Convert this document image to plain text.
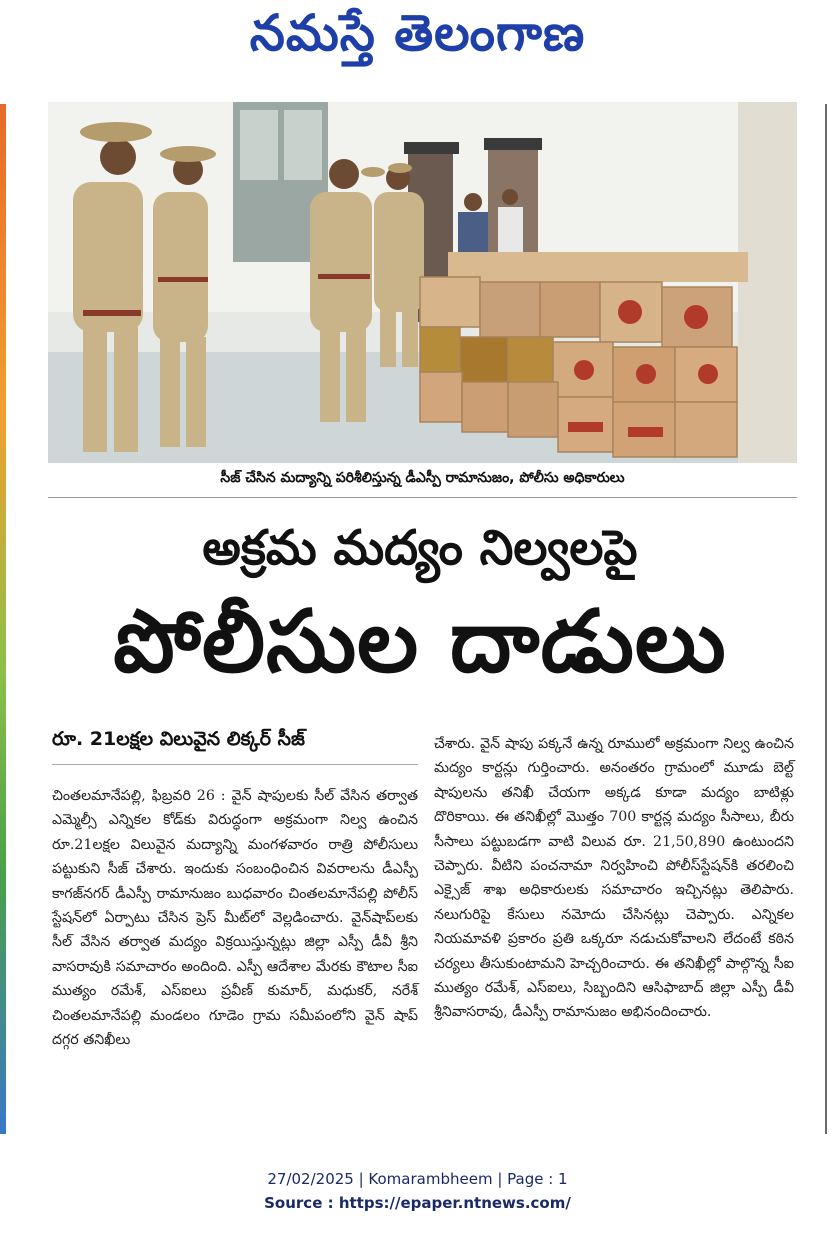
నమస్తే తెలంగాణ
సీజ్ చేసిన మద్యాన్ని పరిశీలిస్తున్న డీఎస్పీ రామానుజం, పోలీసు అధికారులు
అక్రమ మద్యం నిల్వలపై
పోలీసుల దాడులు
రూ. 21లక్షల విలువైన లిక్కర్ సీజ్
చింతలమానేపల్లి, ఫిబ్రవరి 26 : వైన్ షాపులకు సీల్ వేసిన తర్వాత ఎమ్మెల్సీ ఎన్నికల కోడ్‌కు విరుద్ధంగా అక్రమంగా నిల్వ ఉంచిన రూ.21లక్షల విలువైన మద్యాన్ని మంగళవారం రాత్రి పోలీసులు పట్టుకుని సీజ్ చేశారు. ఇందుకు సంబంధించిన వివరాలను డీఎస్పీ కాగజ్‌నగర్ డీఎస్పీ రామానుజం బుధవారం చింతలమానేపల్లి పోలీస్ స్టేషన్‌లో ఏర్పాటు చేసిన ప్రెస్ మీట్‌లో వెల్లడించారు. వైన్‌షాప్‌లకు సీల్ వేసిన తర్వాత మద్యం విక్రయిస్తున్నట్లు జిల్లా ఎస్పీ డీవీ శ్రీని వాసరావుకి సమాచారం అందింది. ఎస్పీ ఆదేశాల మేరకు కౌటాల సీఐ ముత్యం రమేశ్, ఎస్ఐలు ప్రవీణ్ కుమార్, మధుకర్, నరేశ్ చింతలమానేపల్లి మండలం గూడెం గ్రామ సమీపంలోని వైన్ షాప్ దగ్గర తనిఖీలు
చేశారు. వైన్ షాపు పక్కనే ఉన్న రూములో అక్రమంగా నిల్వ ఉంచిన మద్యం కార్టన్లు గుర్తించారు. అనంతరం గ్రామంలో మూడు బెల్ట్ షాపులను తనిఖీ చేయగా అక్కడ కూడా మద్యం బాటిళ్లు దొరికాయి. ఈ తనిఖీల్లో మొత్తం 700 కార్టన్ల మద్యం సీసాలు, బీరు సీసాలు పట్టుబడగా వాటి విలువ రూ. 21,50,890 ఉంటుందని చెప్పారు. వీటిని పంచనామా నిర్వహించి పోలీస్‌స్టేషన్‌కి తరలించి ఎక్సైజ్ శాఖ అధికారులకు సమాచారం ఇచ్చినట్లు తెలిపారు. నలుగురిపై కేసులు నమోదు చేసినట్లు చెప్పారు. ఎన్నికల నియమావళి ప్రకారం ప్రతి ఒక్కరూ నడుచుకోవాలని లేదంటే కఠిన చర్యలు తీసుకుంటామని హెచ్చరించారు. ఈ తనిఖీల్లో పాల్గొన్న సీఐ ముత్యం రమేశ్, ఎస్ఐలు, సిబ్బందిని ఆసిఫాబాద్ జిల్లా ఎస్పీ డీవీ శ్రీనివాసరావు, డీఎస్పీ రామానుజం అభినందించారు.
27/02/2025 | Komarambheem | Page : 1
Source : https://epaper.ntnews.com/
